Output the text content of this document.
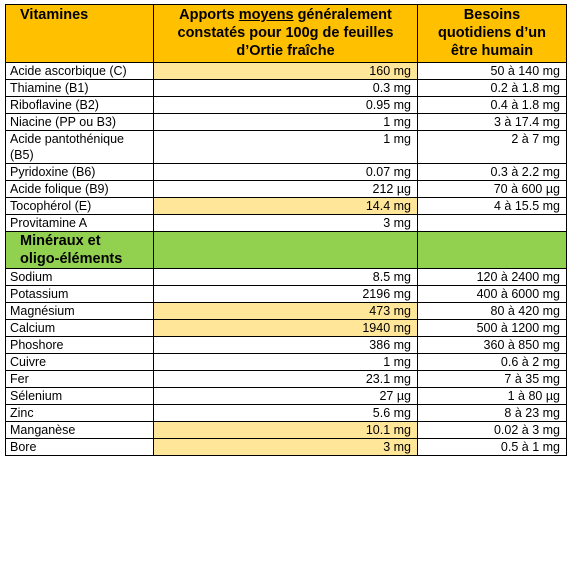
Vitamines	Apports moyens généralement
constatés pour 100g de feuilles
d’Ortie fraîche	Besoins
quotidiens d’un
être humain
Acide ascorbique (C)	160 mg	50 à 140 mg
Thiamine (B1)	0.3 mg	0.2 à 1.8 mg
Riboflavine (B2)	0.95 mg	0.4 à 1.8 mg
Niacine (PP ou B3)	1 mg	3 à 17.4 mg
Acide pantothénique (B5)	1 mg	2 à 7 mg
Pyridoxine (B6)	0.07 mg	0.3 à 2.2 mg
Acide folique (B9)	212 µg	70 à 600 µg
Tocophérol (E)	14.4 mg	4 à 15.5 mg
Provitamine A	3 mg	
Minéraux et
oligo-éléments		
Sodium	8.5 mg	120 à 2400 mg
Potassium	2196 mg	400 à 6000 mg
Magnésium	473 mg	80 à 420 mg
Calcium	1940 mg	500 à 1200 mg
Phoshore	386 mg	360 à 850 mg
Cuivre	1 mg	0.6 à 2 mg
Fer	23.1 mg	7 à 35 mg
Sélenium	27 µg	1 à 80 µg
Zinc	5.6 mg	8 à 23 mg
Manganèse	10.1 mg	0.02 à 3 mg
Bore	3 mg	0.5 à 1 mg
